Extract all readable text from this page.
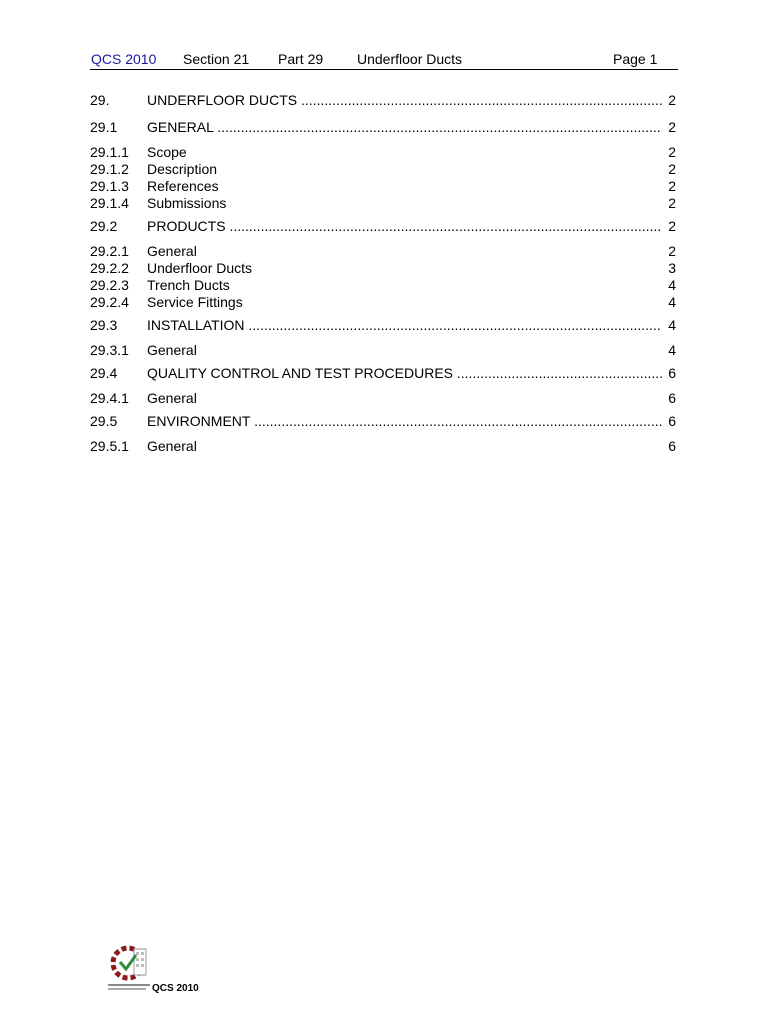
QCS 2010 Section 21 Part 29 Underfloor Ducts	Page 1
29.	UNDERFLOOR DUCTS .....	2
29.1 GENERAL .....	2
29.1.1 Scope	2
29.1.2 Description	2
29.1.3 References	2
29.1.4 Submissions	2
29.2 PRODUCTS .....	2
29.2.1 General	2
29.2.2 Underfloor Ducts	3
29.2.3 Trench Ducts	4
29.2.4 Service Fittings	4
29.3 INSTALLATION .....	4
29.3.1 General	4
29.4 QUALITY CONTROL AND TEST PROCEDURES .....	6
29.4.1 General	6
29.5 ENVIRONMENT .....	6
29.5.1 General	6
QCS 2010
